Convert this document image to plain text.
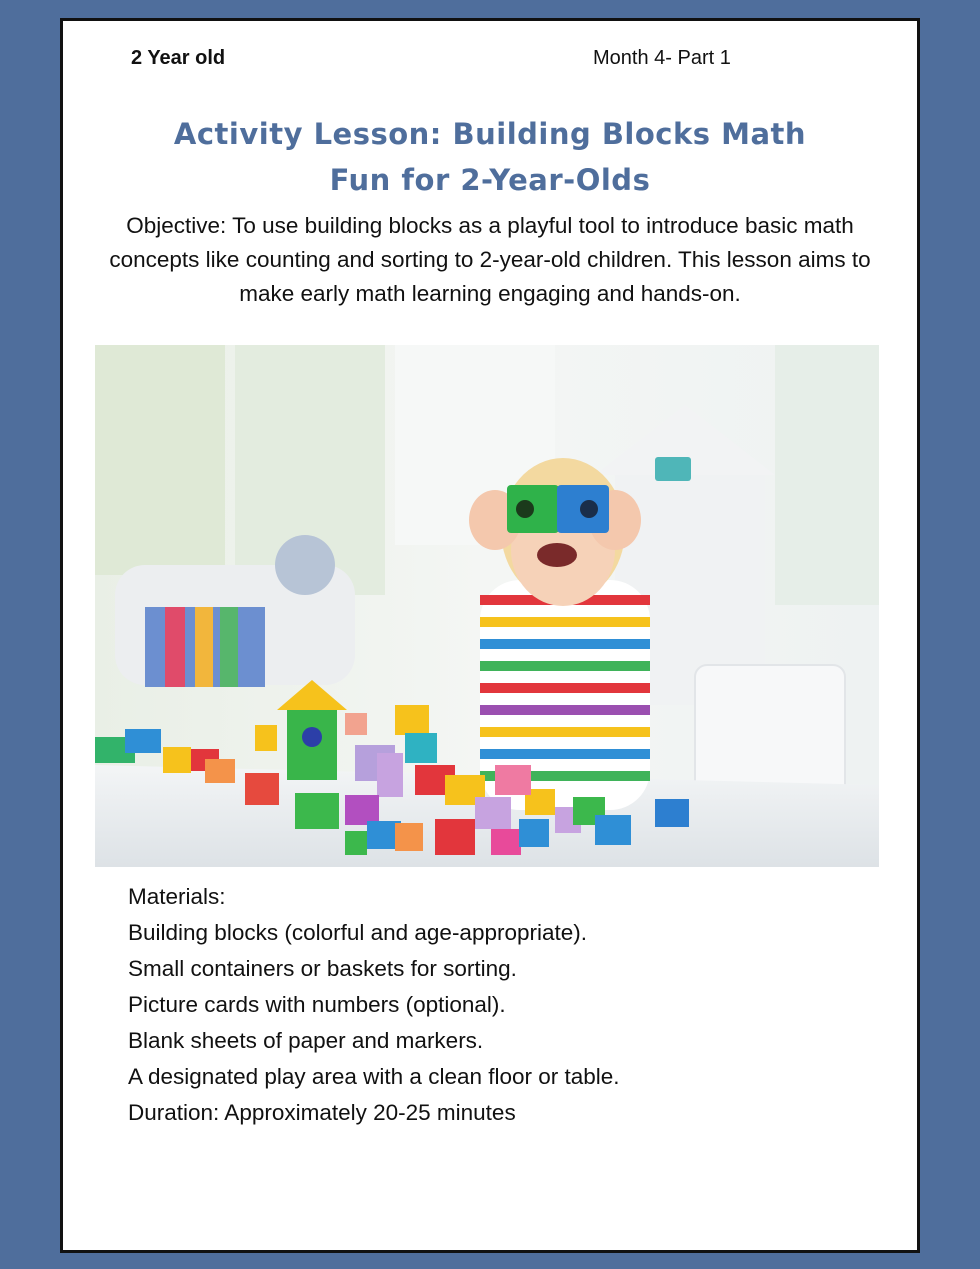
2 Year old	Month 4- Part 1
Activity Lesson: Building Blocks Math
Fun for 2-Year-Olds
Objective: To use building blocks as a playful tool to introduce basic math concepts like counting and sorting to 2-year-old children. This lesson aims to make early math learning engaging and hands-on.
Materials:
Building blocks (colorful and age-appropriate).
Small containers or baskets for sorting.
Picture cards with numbers (optional).
Blank sheets of paper and markers.
A designated play area with a clean floor or table.
Duration: Approximately 20-25 minutes
